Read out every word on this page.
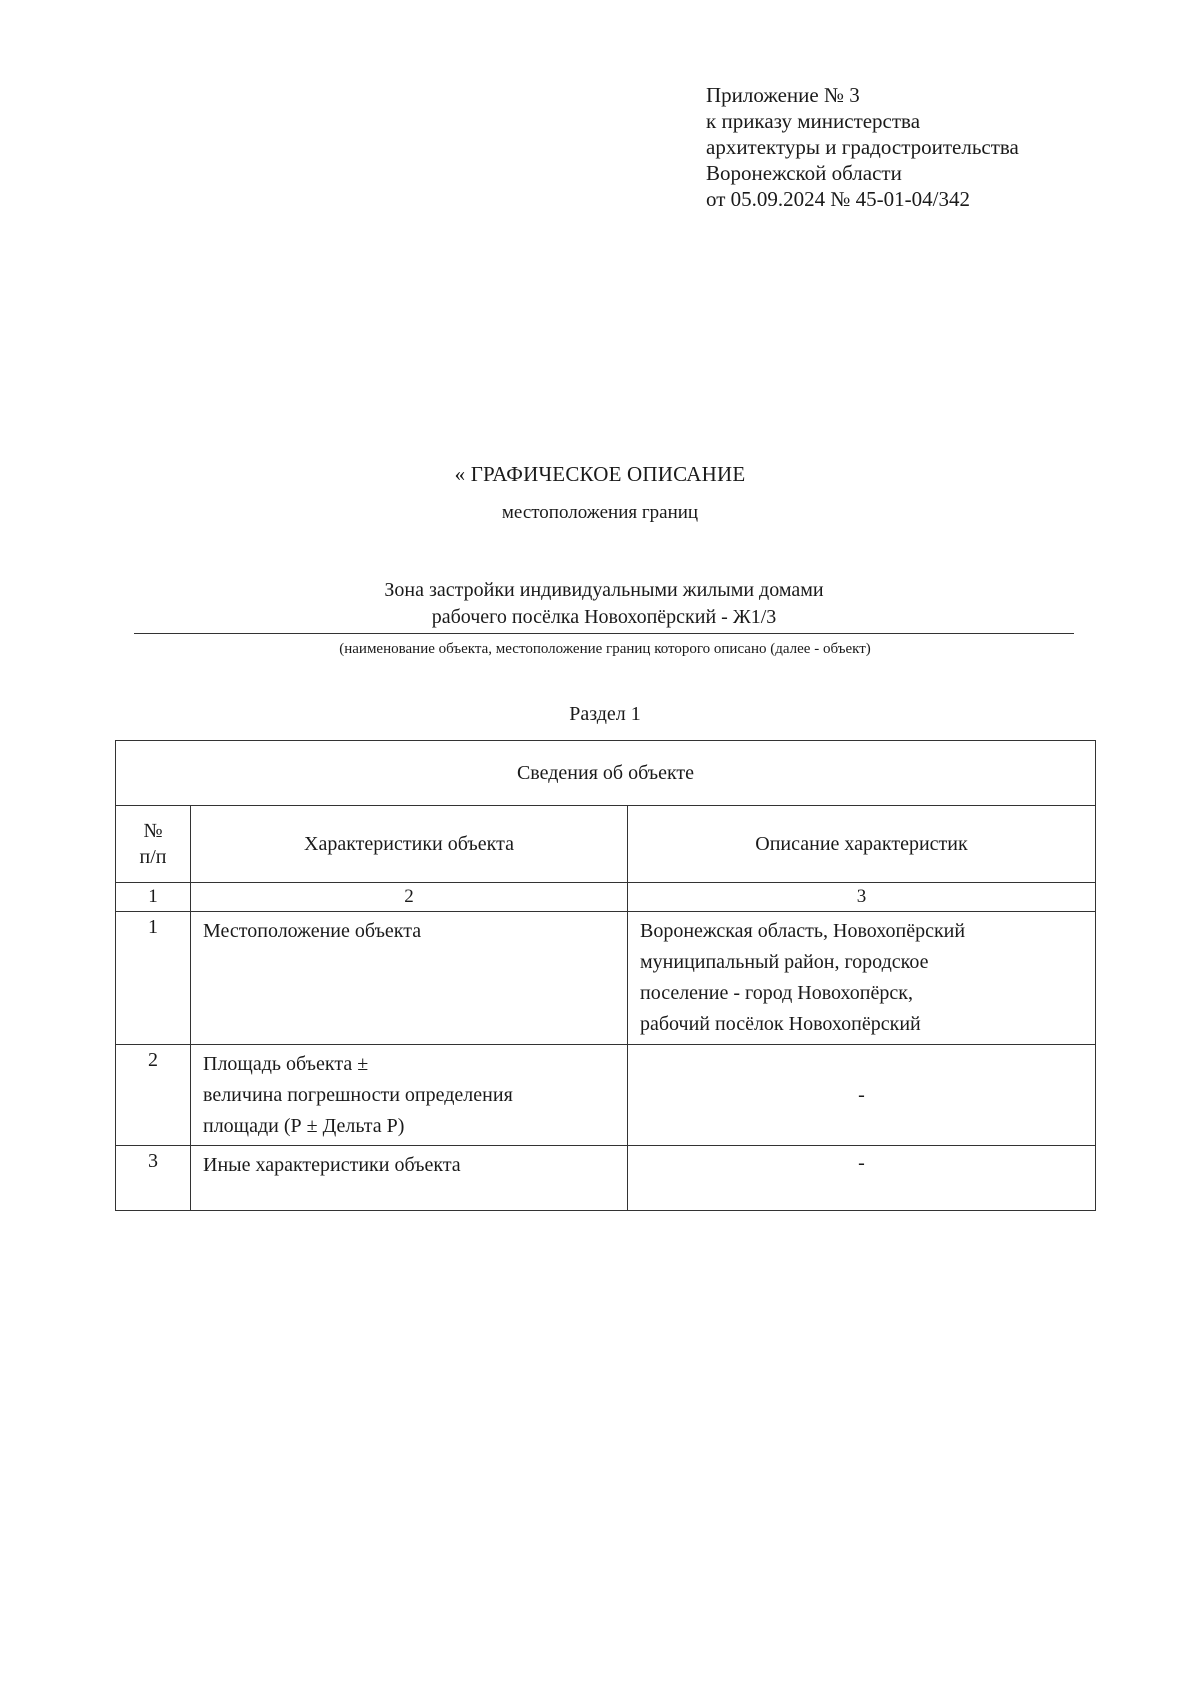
Приложение № 3
к приказу министерства
архитектуры и градостроительства
Воронежской области
от 05.09.2024 № 45-01-04/342
« ГРАФИЧЕСКОЕ ОПИСАНИЕ
местоположения границ
Зона застройки индивидуальными жилыми домами
рабочего посёлка Новохопёрский - Ж1/3
(наименование объекта, местоположение границ которого описано (далее - объект)
Раздел 1
Сведения об объекте		

№
п/п	Характеристики объекта	Описание характеристик
1	2	3
1	Местоположение объекта	Воронежская область, Новохопёрский
муниципальный район, городское
поселение - город Новохопёрск,
рабочий посёлок Новохопёрский

2	Площадь объекта ±
величина погрешности определения
площади (Р ± Дельта Р)	-
3	Иные характеристики объекта	-
